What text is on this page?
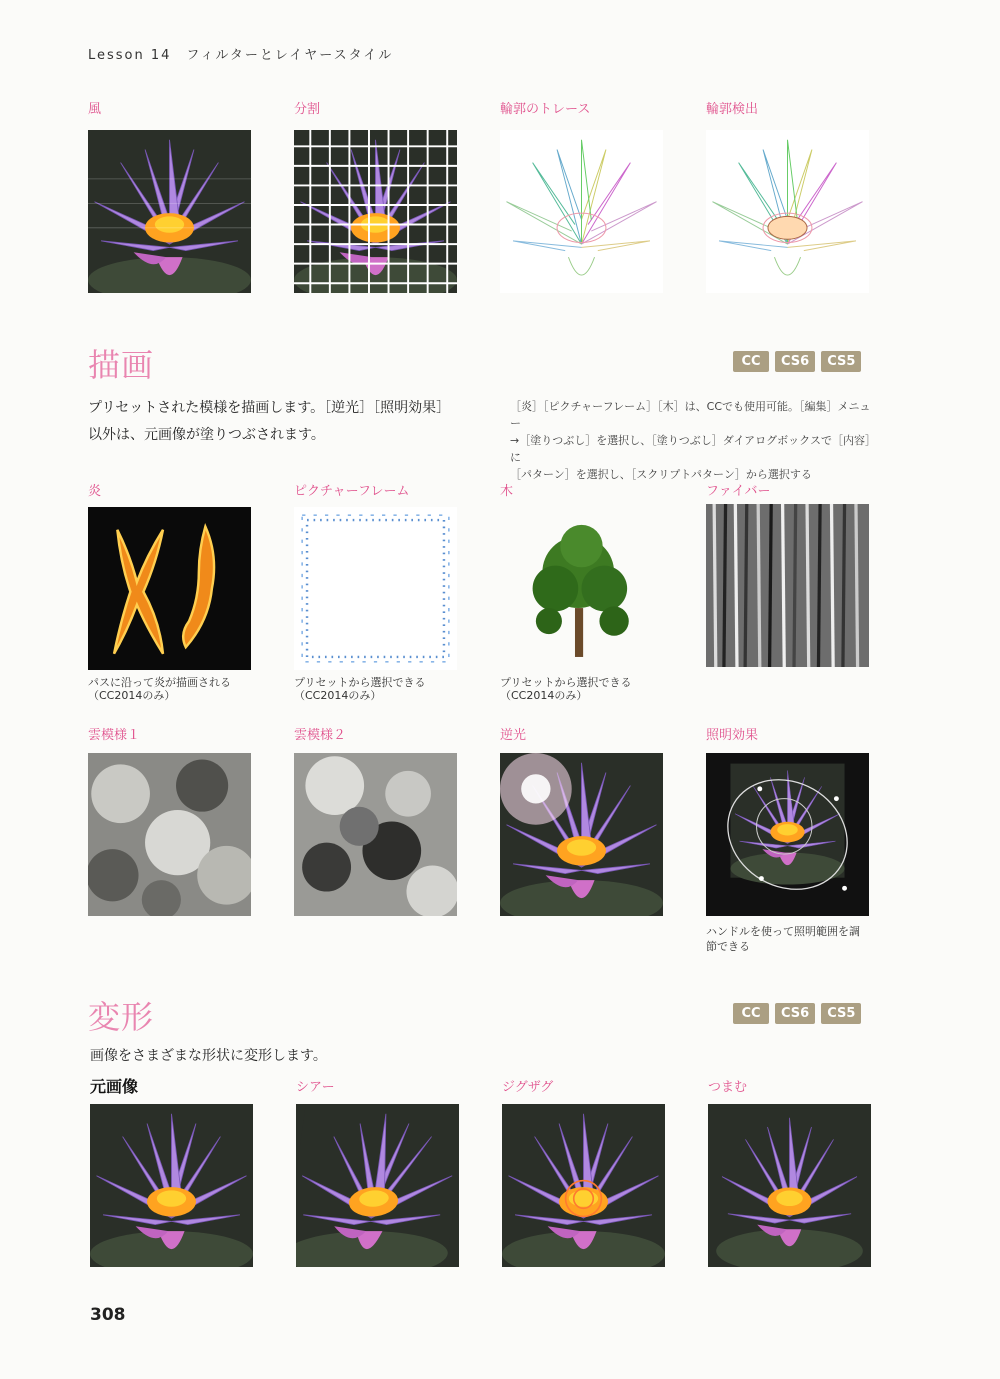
Lesson 14　フィルターとレイヤースタイル
風	分割	輪郭のトレース	輪郭検出
描画	CC	CS6	CS5
プリセットされた模様を描画します。［逆光］［照明効果］
以外は、元画像が塗りつぶされます。
［炎］［ピクチャーフレーム］［木］は、CCでも使用可能。［編集］メニュー
→［塗りつぶし］を選択し、［塗りつぶし］ダイアログボックスで［内容］に
［パターン］を選択し、［スクリプトパターン］から選択する
炎	ピクチャーフレーム	木	ファイバー
パスに沿って炎が描画される
（CC2014のみ）
プリセットから選択できる
（CC2014のみ）
プリセットから選択できる
（CC2014のみ）
雲模様１	雲模様２	逆光	照明効果
ハンドルを使って照明範囲を調
節できる
変形	CC	CS6	CS5
画像をさまざまな形状に変形します。
元画像	シアー	ジグザグ	つまむ
308
